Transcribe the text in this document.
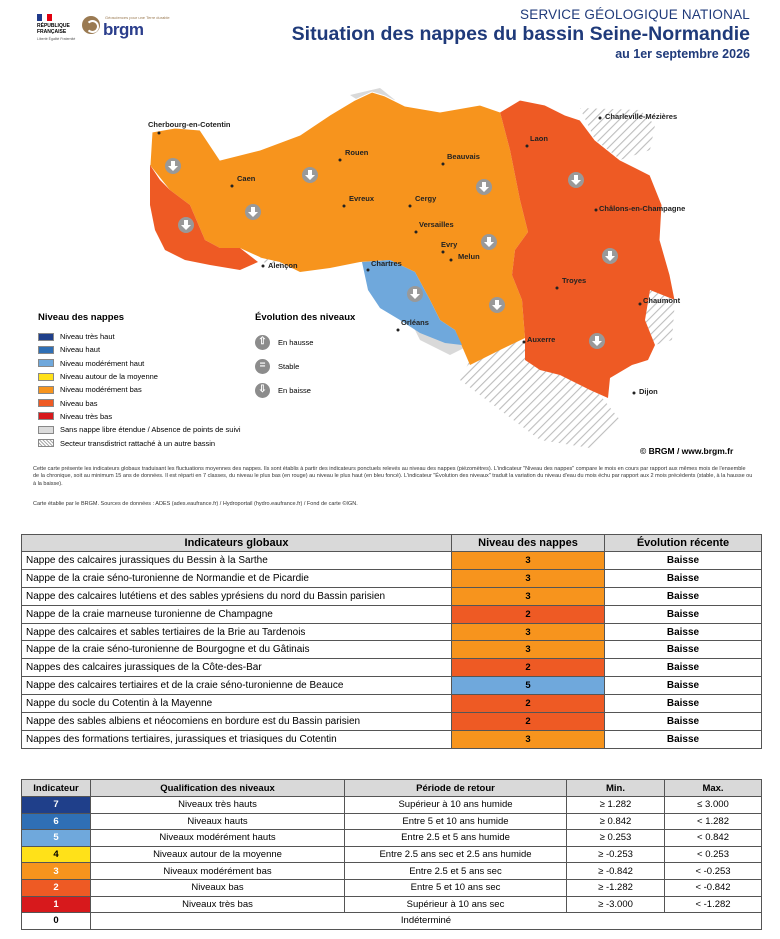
RÉPUBLIQUE
FRANÇAISE
Liberté Égalité Fraternité
Géosciences pour une Terre durable
brgm
SERVICE GÉOLOGIQUE NATIONAL
Situation des nappes du bassin Seine-Normandie
au 1er septembre 2026
Cherbourg-en-Cotentin
Caen
Alençon
Rouen	Beauvais
Evreux	Cergy
Versailles
Evry
Melun
Chartres
Orléans
Laon
Charleville-Mézières
Châlons-en-Champagne
Troyes
Chaumont
Auxerre
Dijon
© BRGM / www.brgm.fr
Niveau des nappes
Niveau très haut
Niveau haut
Niveau modérément haut
Niveau autour de la moyenne
Niveau modérément bas
Niveau bas
Niveau très bas
Sans nappe libre étendue / Absence de points de suivi
Secteur transdistrict rattaché à un autre bassin
Évolution des niveaux
⇧	En hausse
=	Stable
⇩	En baisse
Cette carte présente les indicateurs globaux traduisant les fluctuations moyennes des nappes. Ils sont établis à partir des indicateurs ponctuels relevés au niveau des nappes (piézomètres). L'indicateur "Niveau des nappes" compare le mois en cours par rapport aux mêmes mois de l'ensemble de la chronique, soit au minimum 15 ans de données. Il est réparti en 7 classes, du niveau le plus bas (en rouge) au niveau le plus haut (en bleu foncé). L'indicateur "Évolution des niveaux" traduit la variation du niveau d'eau du mois échu par rapport aux 2 mois précédents (stable, à la hausse ou à la baisse).
Carte établie par le BRGM. Sources de données : ADES (ades.eaufrance.fr) / Hydroportail (hydro.eaufrance.fr) / Fond de carte ©IGN.
Indicateurs globaux	Niveau des nappes	Évolution récente
Nappe des calcaires jurassiques du Bessin à la Sarthe	3	Baisse
Nappe de la craie séno-turonienne de Normandie et de Picardie	3	Baisse
Nappe des calcaires lutétiens et des sables yprésiens du nord du Bassin parisien	3	Baisse
Nappe de la craie marneuse turonienne de Champagne	2	Baisse
Nappe des calcaires et sables tertiaires de la Brie au Tardenois	3	Baisse
Nappe de la craie séno-turonienne de Bourgogne et du Gâtinais	3	Baisse
Nappes des calcaires jurassiques de la Côte-des-Bar	2	Baisse
Nappe des calcaires tertiaires et de la craie séno-turonienne de Beauce	5	Baisse
Nappe du socle du Cotentin à la Mayenne	2	Baisse
Nappe des sables albiens et néocomiens en bordure est du Bassin parisien	2	Baisse
Nappes des formations tertiaires, jurassiques et triasiques du Cotentin	3	Baisse
Indicateur	Qualification des niveaux	Période de retour	Min.	Max.
7	Niveaux très hauts	Supérieur à 10 ans humide	≥ 1.282	≤ 3.000
6	Niveaux hauts	Entre 5 et 10 ans humide	≥ 0.842	< 1.282
5	Niveaux modérément hauts	Entre 2.5 et 5 ans humide	≥ 0.253	< 0.842
4	Niveaux autour de la moyenne	Entre 2.5 ans sec et 2.5 ans humide	≥ -0.253	< 0.253
3	Niveaux modérément bas	Entre 2.5 et 5 ans sec	≥ -0.842	< -0.253
2	Niveaux bas	Entre 5 et 10 ans sec	≥ -1.282	< -0.842
1	Niveaux très bas	Supérieur à 10 ans sec	≥ -3.000	< -1.282
0	Indéterminé			
